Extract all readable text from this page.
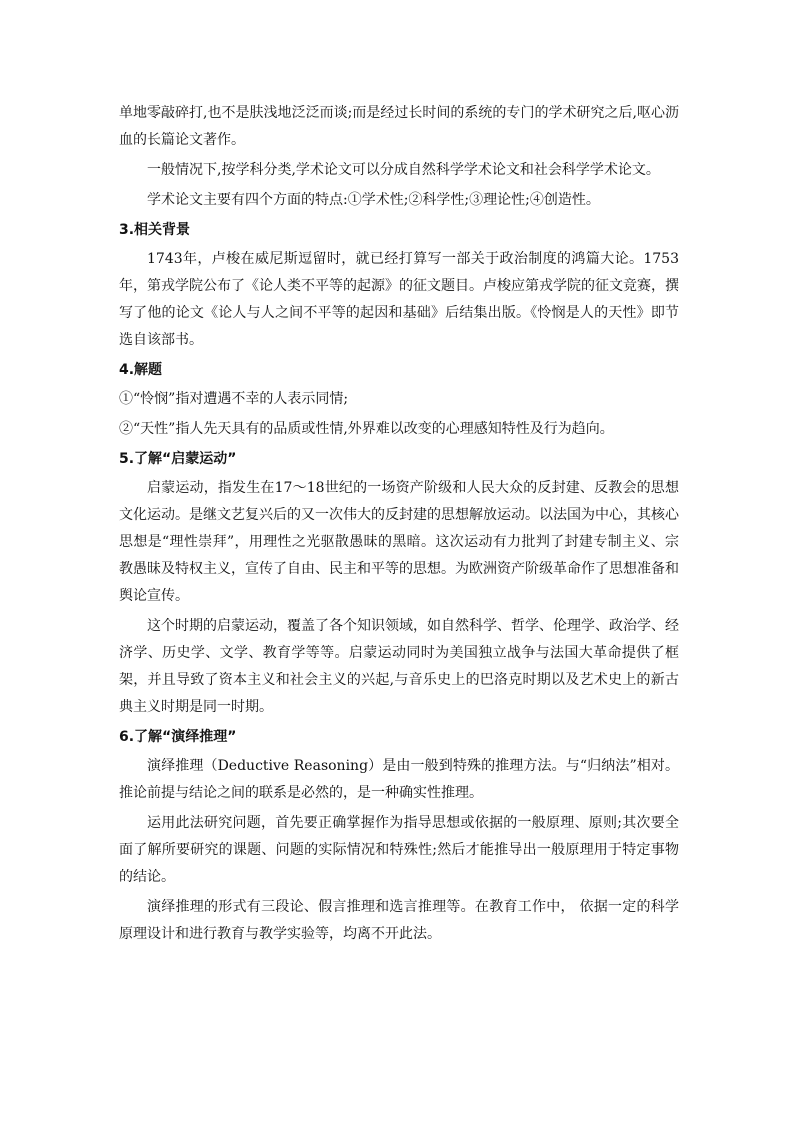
单地零敲碎打,也不是肤浅地泛泛而谈;而是经过长时间的系统的专门的学术研究之后,呕心沥血的长篇论文著作。

一般情况下,按学科分类,学术论文可以分成自然科学学术论文和社会科学学术论文。

学术论文主要有四个方面的特点:①学术性;②科学性;③理论性;④创造性。

3.相关背景

1743年，卢梭在威尼斯逗留时，就已经打算写一部关于政治制度的鸿篇大论。1753年，第戎学院公布了《论人类不平等的起源》的征文题目。卢梭应第戎学院的征文竞赛，撰写了他的论文《论人与人之间不平等的起因和基础》后结集出版。《怜悯是人的天性》即节选自该部书。

4.解题

①“怜悯”指对遭遇不幸的人表示同情;

②“天性”指人先天具有的品质或性情,外界难以改变的心理感知特性及行为趋向。

5.了解“启蒙运动”

启蒙运动，指发生在17～18世纪的一场资产阶级和人民大众的反封建、反教会的思想文化运动。是继文艺复兴后的又一次伟大的反封建的思想解放运动。以法国为中心，其核心思想是“理性崇拜”，用理性之光驱散愚昧的黑暗。这次运动有力批判了封建专制主义、宗教愚昧及特权主义，宣传了自由、民主和平等的思想。为欧洲资产阶级革命作了思想准备和舆论宣传。

这个时期的启蒙运动，覆盖了各个知识领域，如自然科学、哲学、伦理学、政治学、经济学、历史学、文学、教育学等等。启蒙运动同时为美国独立战争与法国大革命提供了框架，并且导致了资本主义和社会主义的兴起,与音乐史上的巴洛克时期以及艺术史上的新古典主义时期是同一时期。

6.了解“演绎推理”

演绎推理（Deductive Reasoning）是由一般到特殊的推理方法。与“归纳法”相对。推论前提与结论之间的联系是必然的，是一种确实性推理。

运用此法研究问题，首先要正确掌握作为指导思想或依据的一般原理、原则;其次要全面了解所要研究的课题、问题的实际情况和特殊性;然后才能推导出一般原理用于特定事物的结论。

演绎推理的形式有三段论、假言推理和选言推理等。在教育工作中， 依据一定的科学原理设计和进行教育与教学实验等，均离不开此法。
